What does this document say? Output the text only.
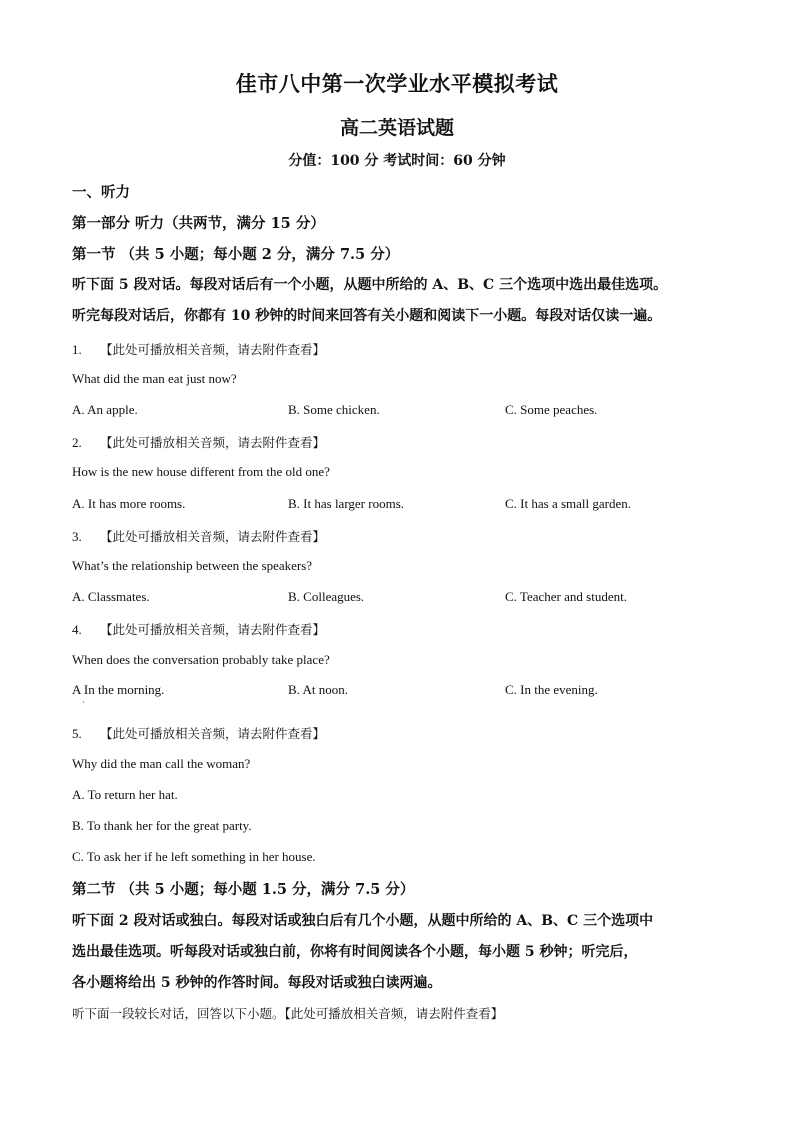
佳市八中第一次学业水平模拟考试
高二英语试题
分值：100 分 考试时间：60 分钟
一、听力
第一部分 听力（共两节，满分 15 分）
第一节 （共 5 小题；每小题 2 分，满分 7.5 分）
听下面 5 段对话。每段对话后有一个小题，从题中所给的 A、B、C 三个选项中选出最佳选项。
听完每段对话后，你都有 10 秒钟的时间来回答有关小题和阅读下一小题。每段对话仅读一遍。
1. 【此处可播放相关音频，请去附件查看】
What did the man eat just now?
A. An apple.	B. Some chicken.	C. Some peaches.
2. 【此处可播放相关音频，请去附件查看】
How is the new house different from the old one?
A. It has more rooms.	B. It has larger rooms.	C. It has a small garden.
3. 【此处可播放相关音频，请去附件查看】
What’s the relationship between the speakers?
A. Classmates.	B. Colleagues.	C. Teacher and student.
4. 【此处可播放相关音频，请去附件查看】
When does the conversation probably take place?
A In the morning.	B. At noon.	C. In the evening.
·
5. 【此处可播放相关音频，请去附件查看】
Why did the man call the woman?
A. To return her hat.
B. To thank her for the great party.
C. To ask her if he left something in her house.
第二节 （共 5 小题；每小题 1.5 分，满分 7.5 分）
听下面 2 段对话或独白。每段对话或独白后有几个小题，从题中所给的 A、B、C 三个选项中
选出最佳选项。听每段对话或独白前，你将有时间阅读各个小题，每小题 5 秒钟；听完后，
各小题将给出 5 秒钟的作答时间。每段对话或独白读两遍。
听下面一段较长对话，回答以下小题。【此处可播放相关音频，请去附件查看】
